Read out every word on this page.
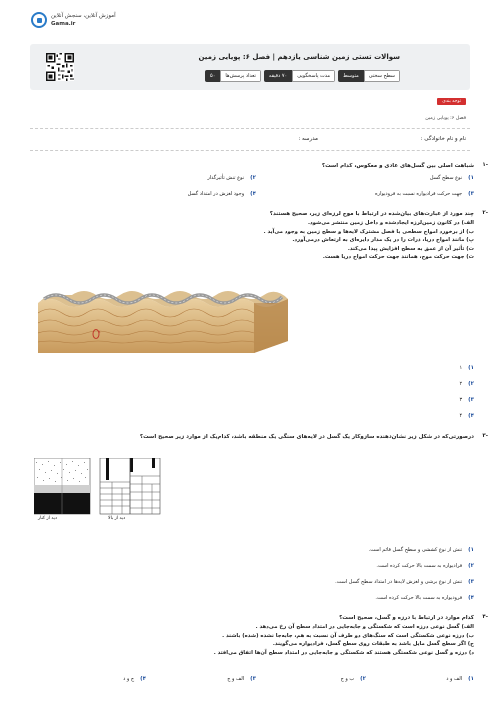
آموزش آنلاین، سنجش آنلاین
Gama.ir
سوالات تستی زمین شناسی یازدهم | فصل ۶: پویایی زمین
تعداد پرسش‌ها
۵۰	مدت پاسخگویی
۷۰ دقیقه	سطح سختی
متوسط
توجه بندی
فصل ۶: پویایی زمین
نام و نام خانوادگی :
مدرسه :
-۱
شباهت اصلی بین گسل‌های عادی و معکوس، کدام است؟
۱)
نوع سطح گسل
۲)
نوع تنش تأثیرگذار
۳)
جهت حرکت فرادیواره نسبت به فرودیواره
۴)
وجود لغزش در امتداد گسل
-۲
چند مورد از عبارت‌های بیان‌شده در ارتباط با موج لرزه‌ای زیر، صحیح هستند؟
الف) در کانون زمین‌لرزه ایجادشده و داخل زمین منتشر می‌شود.
ب) از برخورد امواج سطحی با فصل مشترک لایه‌ها و سطح زمین به وجود می‌آید .
پ) مانند امواج دریا، ذرات را در یک مدار دایره‌ای به ارتعاش درمی‌آورد.
ت) تأثیر آن از عمق به سطح افزایش پیدا می‌کند.
ث) جهت حرکت موج، همانند جهت حرکت امواج دریا هست.
۱)
۱
۲)
۲
۳)
۳
۴)
۴
-۳
درصورتی‌که در شکل زیر نشان‌دهنده سازوکار یک گسل در لایه‌های سنگی یک منطقه باشد، کدام‌یک از موارد زیر صحیح است؟
دید از کنار	دید از بالا
۱)
تنش از نوع کششی و سطح گسل قائم است.
۲)
فرادیواره به سمت بالا حرکت کرده است.
۳)
تنش از نوع برشی و لغزش لایه‌ها در امتداد سطح گسل است.
۴)
فرودیواره به سمت بالا حرکت کرده است.
-۴
کدام موارد در ارتباط با درزه و گسل، صحیح است؟
الف) گسل نوعی درزه است که شکستگی و جابه‌جایی در امتداد سطح آن رخ می‌دهد .
ب) درزه نوعی شکستگی است که سنگ‌های دو طرف آن نسبت به هم، جابه‌جا نشده (شده) باشند .
ج) اگر سطح گسل مایل باشد به طبقات روی سطح گسل، فرادیواره می‌گویند.
د) درزه و گسل نوعی شکستگی هستند که شکستگی و جابه‌جایی در امتداد سطح آن‌ها اتفاق می‌افتد .
۱)
الف و د
۲)
ب و ج
۳)
الف و ج
۴)
ج و د
